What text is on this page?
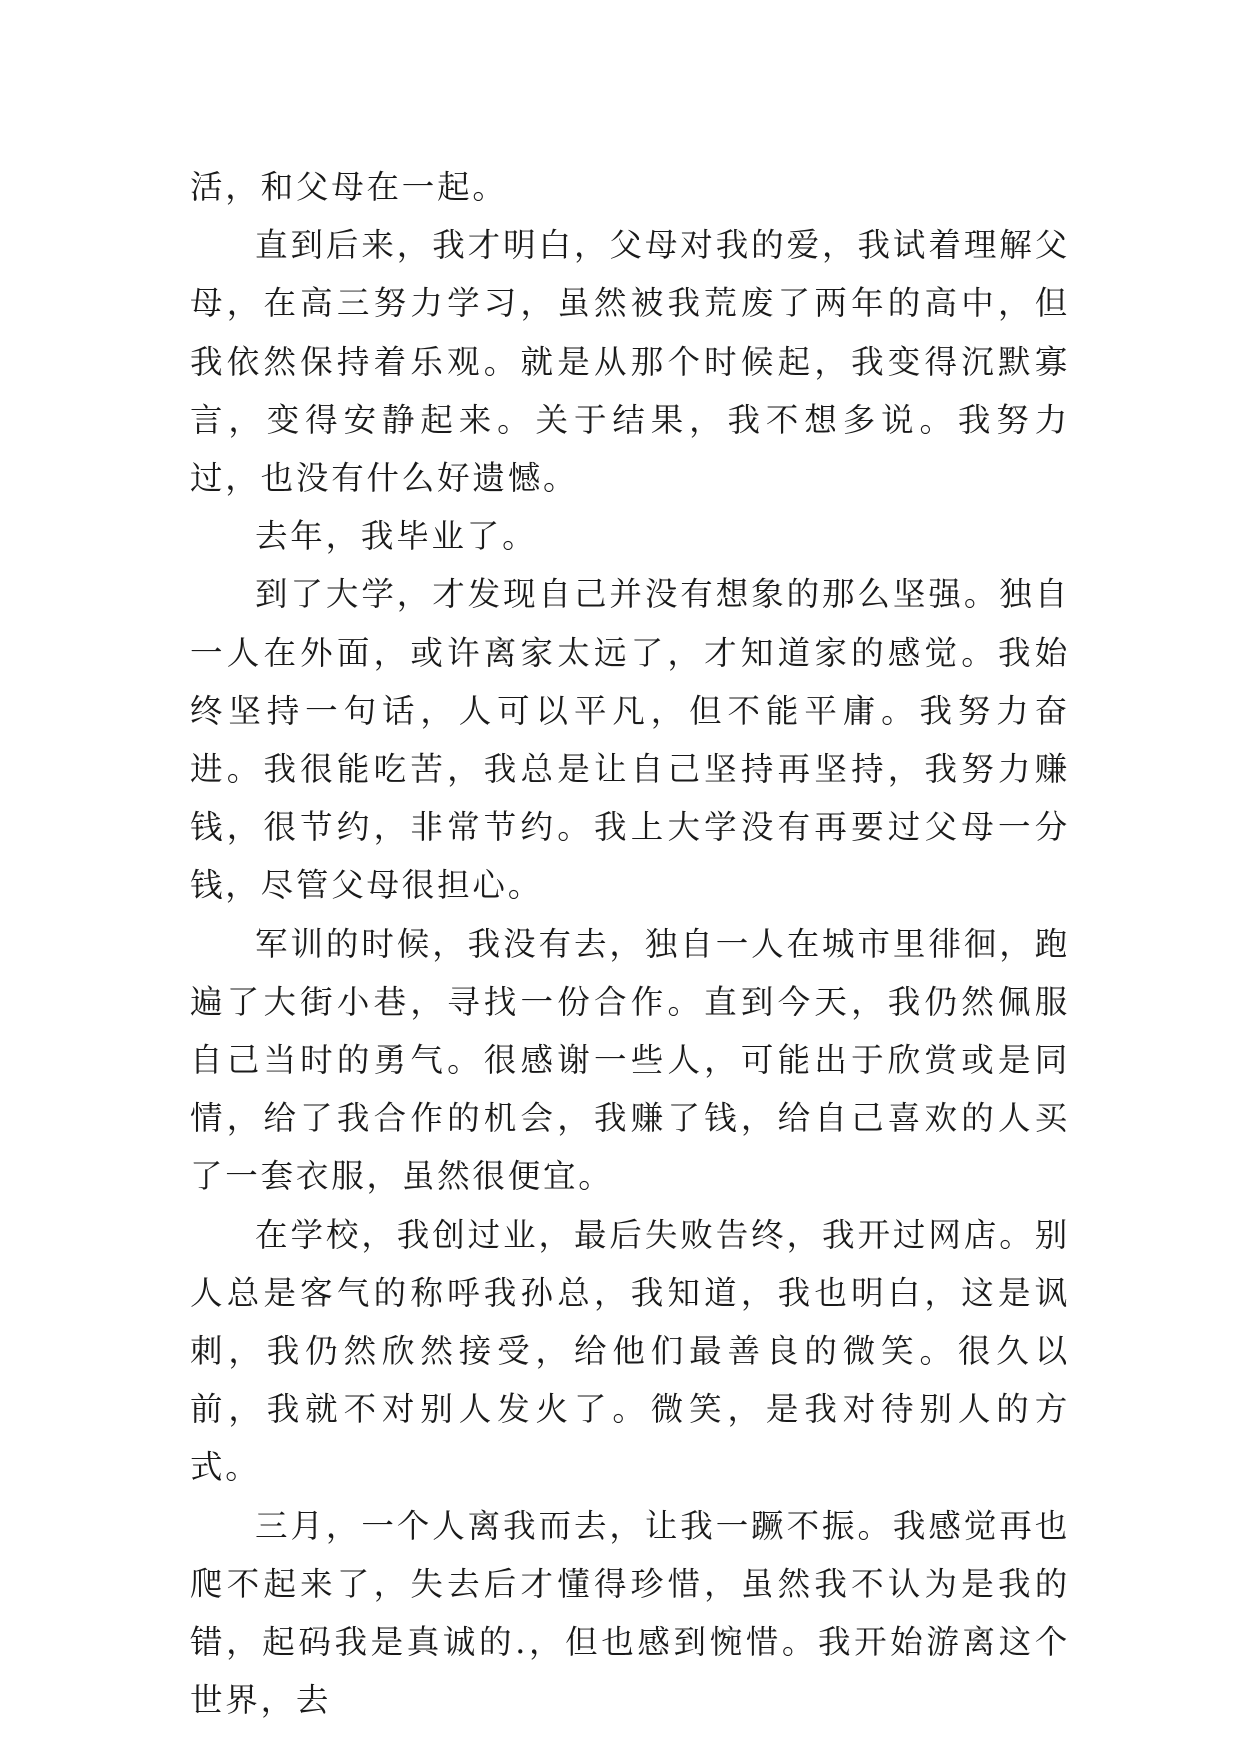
活，和父母在一起。

直到后来，我才明白，父母对我的爱，我试着理解父母，在高三努力学习，虽然被我荒废了两年的高中，但我依然保持着乐观。就是从那个时候起，我变得沉默寡言，变得安静起来。关于结果，我不想多说。我努力过，也没有什么好遗憾。

去年，我毕业了。

到了大学，才发现自己并没有想象的那么坚强。独自一人在外面，或许离家太远了，才知道家的感觉。我始终坚持一句话，人可以平凡，但不能平庸。我努力奋进。我很能吃苦，我总是让自己坚持再坚持，我努力赚钱，很节约，非常节约。我上大学没有再要过父母一分钱，尽管父母很担心。

军训的时候，我没有去，独自一人在城市里徘徊，跑遍了大街小巷，寻找一份合作。直到今天，我仍然佩服自己当时的勇气。很感谢一些人，可能出于欣赏或是同情，给了我合作的机会，我赚了钱，给自己喜欢的人买了一套衣服，虽然很便宜。

在学校，我创过业，最后失败告终，我开过网店。别人总是客气的称呼我孙总，我知道，我也明白，这是讽刺，我仍然欣然接受，给他们最善良的微笑。很久以前，我就不对别人发火了。微笑，是我对待别人的方式。

三月，一个人离我而去，让我一蹶不振。我感觉再也爬不起来了，失去后才懂得珍惜，虽然我不认为是我的错，起码我是真诚的.，但也感到惋惜。我开始游离这个世界，去
